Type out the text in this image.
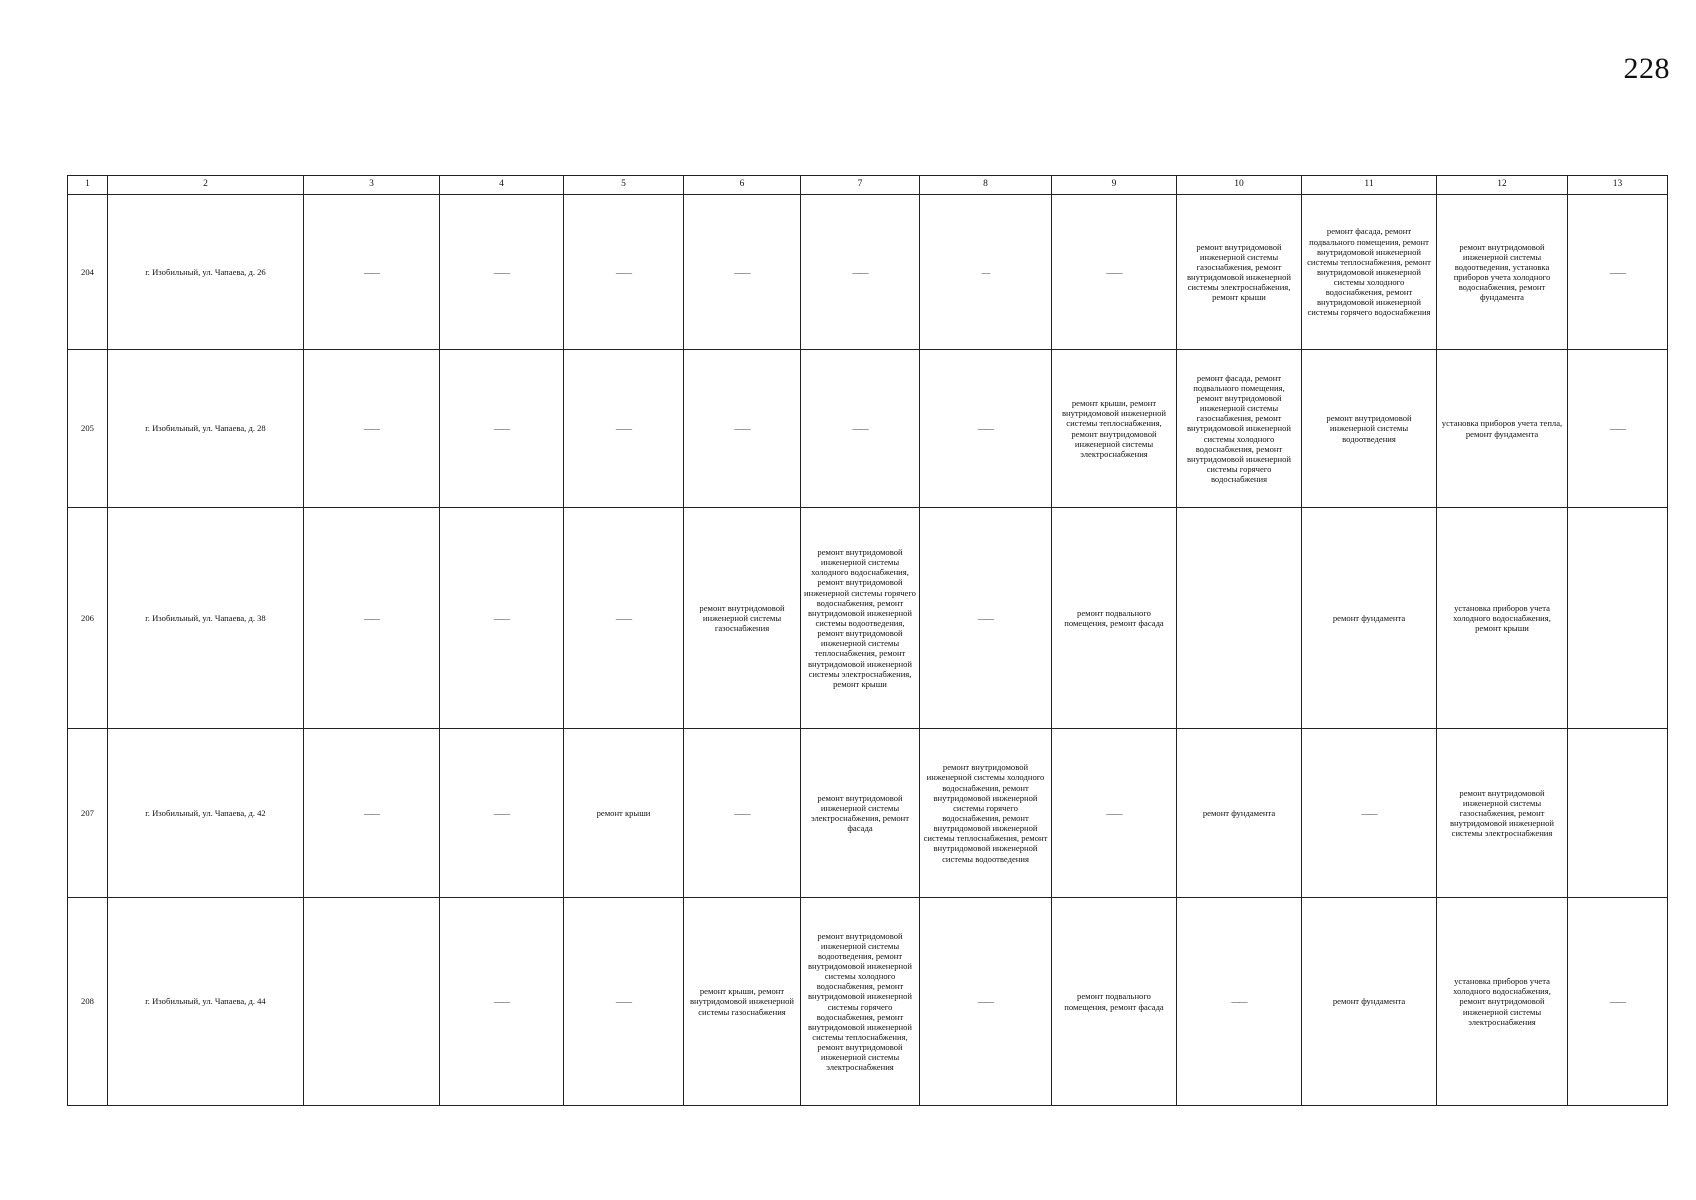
228
1	2	3	4	5	6	7	8	9	10	11	12	13
204	г. Изобильный, ул. Чапаева, д. 26	——	——	——	——	——	—	——	ремонт внутридомовой инженерной системы газоснабжения, ремонт внутридомовой инженерной системы электроснабжения, ремонт крыши	ремонт фасада, ремонт подвального помещения, ремонт внутридомовой инженерной системы теплоснабжения, ремонт внутридомовой инженерной системы холодного водоснабжения, ремонт внутридомовой инженерной системы горячего водоснабжения	ремонт внутридомовой инженерной системы водоотведения, установка приборов учета холодного водоснабжения, ремонт фундамента	——
205	г. Изобильный, ул. Чапаева, д. 28	——	——	——	——	——	——	ремонт крыши, ремонт внутридомовой инженерной системы теплоснабжения, ремонт внутридомовой инженерной системы электроснабжения	ремонт фасада, ремонт подвального помещения, ремонт внутридомовой инженерной системы газоснабжения, ремонт внутридомовой инженерной системы холодного водоснабжения, ремонт внутридомовой инженерной системы горячего водоснабжения	ремонт внутридомовой инженерной системы водоотведения	установка приборов учета тепла, ремонт фундамента	——
206	г. Изобильный, ул. Чапаева, д. 38	——	——	——	ремонт внутридомовой инженерной системы газоснабжения	ремонт внутридомовой инженерной системы холодного водоснабжения, ремонт внутридомовой инженерной системы горячего водоснабжения, ремонт внутридомовой инженерной системы водоотведения, ремонт внутридомовой инженерной системы теплоснабжения, ремонт внутридомовой инженерной системы электроснабжения, ремонт крыши	——	ремонт подвального помещения, ремонт фасада		ремонт фундамента	установка приборов учета холодного водоснабжения, ремонт крыши	
207	г. Изобильный, ул. Чапаева, д. 42	——	——	ремонт крыши	——	ремонт внутридомовой инженерной системы электроснабжения, ремонт фасада	ремонт внутридомовой инженерной системы холодного водоснабжения, ремонт внутридомовой инженерной системы горячего водоснабжения, ремонт внутридомовой инженерной системы теплоснабжения, ремонт внутридомовой инженерной системы водоотведения	——	ремонт фундамента	——	ремонт внутридомовой инженерной системы газоснабжения, ремонт внутридомовой инженерной системы электроснабжения	
208	г. Изобильный, ул. Чапаева, д. 44		——	——	ремонт крыши, ремонт внутридомовой инженерной системы газоснабжения	ремонт внутридомовой инженерной системы водоотведения, ремонт внутридомовой инженерной системы холодного водоснабжения, ремонт внутридомовой инженерной системы горячего водоснабжения, ремонт внутридомовой инженерной системы теплоснабжения, ремонт внутридомовой инженерной системы электроснабжения	——	ремонт подвального помещения, ремонт фасада	——	ремонт фундамента	установка приборов учета холодного водоснабжения, ремонт внутридомовой инженерной системы электроснабжения	——
